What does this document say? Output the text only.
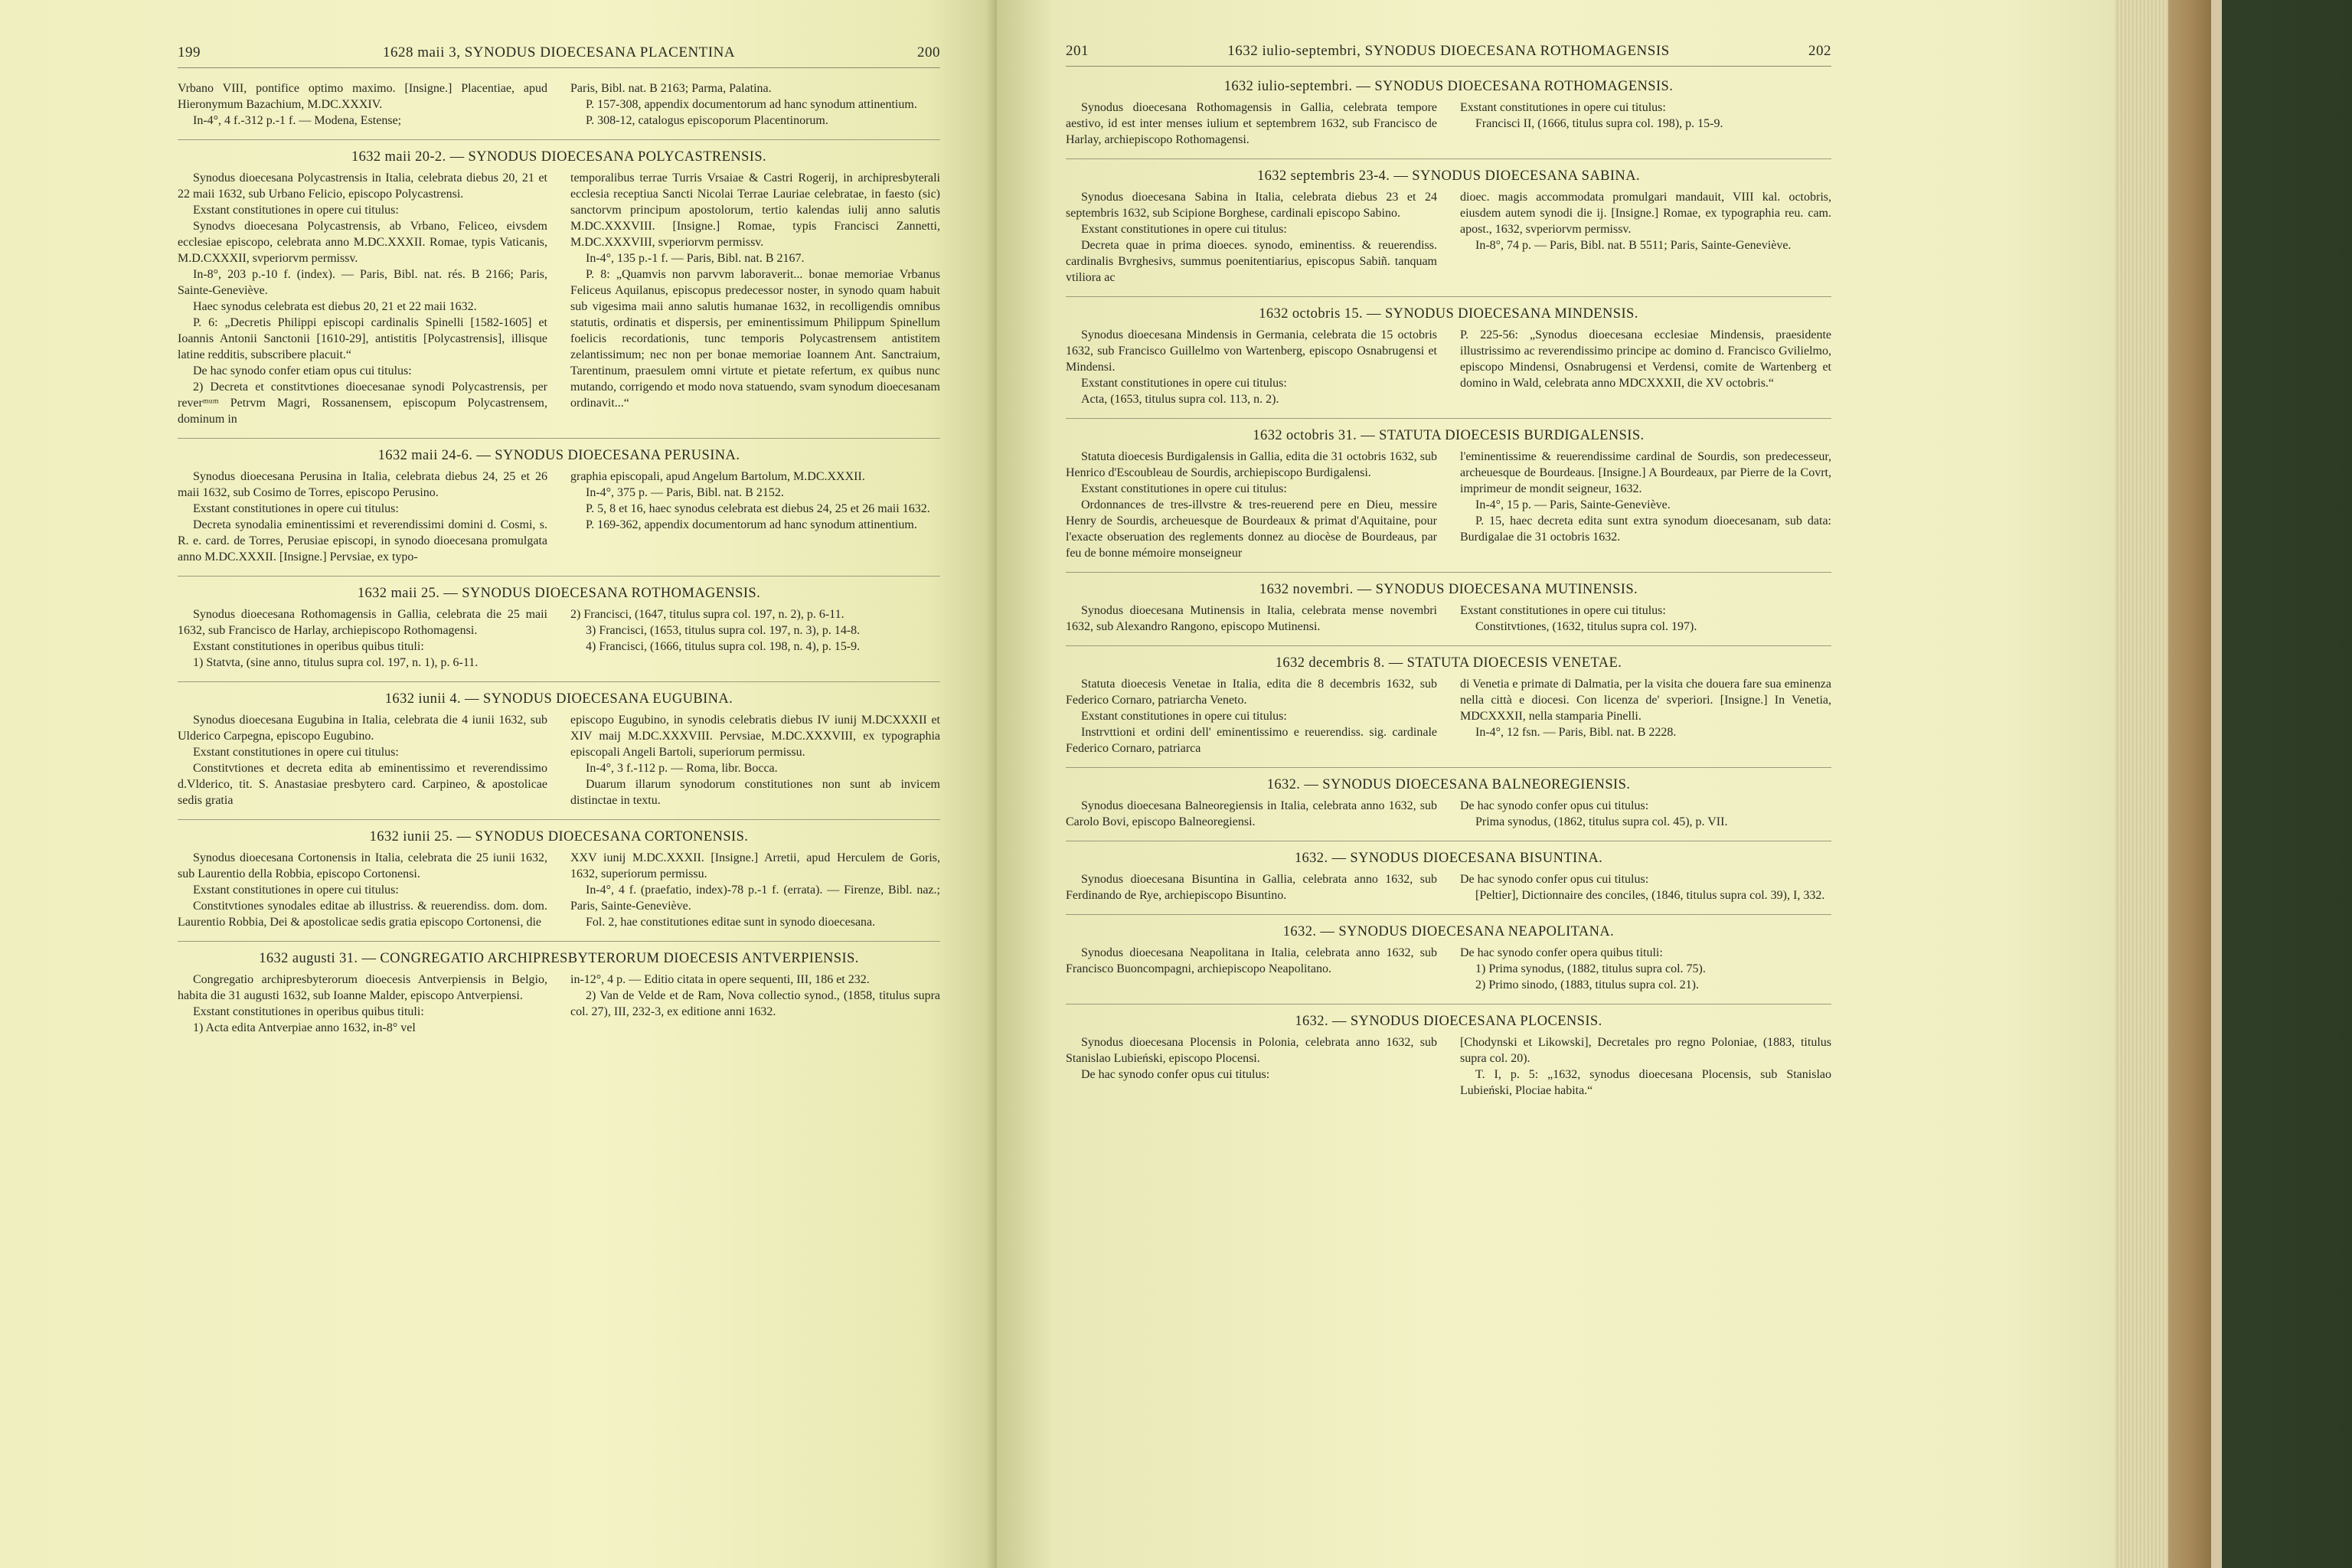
199	1628 maii 3, SYNODUS DIOECESANA PLACENTINA	200

Vrbano VIII, pontifice optimo maximo. [Insigne.] Placentiae, apud Hieronymum Bazachium, M.DC.XXXIV.

In-4°, 4 f.-312 p.-1 f. — Modena, Estense;

Paris, Bibl. nat. B 2163; Parma, Palatina.

P. 157-308, appendix documentorum ad hanc synodum attinentium.

P. 308-12, catalogus episcoporum Placentinorum.

1632 maii 20-2. — SYNODUS DIOECESANA POLYCASTRENSIS.

Synodus dioecesana Polycastrensis in Italia, celebrata diebus 20, 21 et 22 maii 1632, sub Urbano Felicio, episcopo Polycastrensi.

Exstant constitutiones in opere cui titulus:

Synodvs dioecesana Polycastrensis, ab Vrbano, Feliceo, eivsdem ecclesiae episcopo, celebrata anno M.DC.XXXII. Romae, typis Vaticanis, M.D.CXXXII, svperiorvm permissv.

In-8°, 203 p.-10 f. (index). — Paris, Bibl. nat. rés. B 2166; Paris, Sainte-Geneviève.

Haec synodus celebrata est diebus 20, 21 et 22 maii 1632.

P. 6: „Decretis Philippi episcopi cardinalis Spinelli [1582-1605] et Ioannis Antonii Sanctonii [1610-29], antistitis [Polycastrensis], illisque latine redditis, subscribere placuit.“

De hac synodo confer etiam opus cui titulus:

2) Decreta et constitvtiones dioecesanae synodi Polycastrensis, per reverᵐᵘᵐ Petrvm Magri, Rossanensem, episcopum Polycastrensem, dominum in

temporalibus terrae Turris Vrsaiae & Castri Rogerij, in archipresbyterali ecclesia receptiua Sancti Nicolai Terrae Lauriae celebratae, in faesto (sic) sanctorvm principum apostolorum, tertio kalendas iulij anno salutis M.DC.XXXVIII. [Insigne.] Romae, typis Francisci Zannetti, M.DC.XXXVIII, svperiorvm permissv.

In-4°, 135 p.-1 f. — Paris, Bibl. nat. B 2167.

P. 8: „Quamvis non parvvm laboraverit... bonae memoriae Vrbanus Feliceus Aquilanus, episcopus predecessor noster, in synodo quam habuit sub vigesima maii anno salutis humanae 1632, in recolligendis omnibus statutis, ordinatis et dispersis, per eminentissimum Philippum Spinellum foelicis recordationis, tunc temporis Polycastrensem antistitem zelantissimum; nec non per bonae memoriae Ioannem Ant. Sanctraium, Tarentinum, praesulem omni virtute et pietate refertum, ex quibus nunc mutando, corrigendo et modo nova statuendo, svam synodum dioecesanam ordinavit...“

1632 maii 24-6. — SYNODUS DIOECESANA PERUSINA.

Synodus dioecesana Perusina in Italia, celebrata diebus 24, 25 et 26 maii 1632, sub Cosimo de Torres, episcopo Perusino.

Exstant constitutiones in opere cui titulus:

Decreta synodalia eminentissimi et reverendissimi domini d. Cosmi, s. R. e. card. de Torres, Perusiae episcopi, in synodo dioecesana promulgata anno M.DC.XXXII. [Insigne.] Pervsiae, ex typo-

graphia episcopali, apud Angelum Bartolum, M.DC.XXXII.

In-4°, 375 p. — Paris, Bibl. nat. B 2152.

P. 5, 8 et 16, haec synodus celebrata est diebus 24, 25 et 26 maii 1632.

P. 169-362, appendix documentorum ad hanc synodum attinentium.

1632 maii 25. — SYNODUS DIOECESANA ROTHOMAGENSIS.

Synodus dioecesana Rothomagensis in Gallia, celebrata die 25 maii 1632, sub Francisco de Harlay, archiepiscopo Rothomagensi.

Exstant constitutiones in operibus quibus tituli:

1) Statvta, (sine anno, titulus supra col. 197, n. 1), p. 6-11.

2) Francisci, (1647, titulus supra col. 197, n. 2), p. 6-11.

3) Francisci, (1653, titulus supra col. 197, n. 3), p. 14-8.

4) Francisci, (1666, titulus supra col. 198, n. 4), p. 15-9.

1632 iunii 4. — SYNODUS DIOECESANA EUGUBINA.

Synodus dioecesana Eugubina in Italia, celebrata die 4 iunii 1632, sub Ulderico Carpegna, episcopo Eugubino.

Exstant constitutiones in opere cui titulus:

Constitvtiones et decreta edita ab eminentissimo et reverendissimo d.Vlderico, tit. S. Anastasiae presbytero card. Carpineo, & apostolicae sedis gratia

episcopo Eugubino, in synodis celebratis diebus IV iunij M.DCXXXII et XIV maij M.DC.XXXVIII. Pervsiae, M.DC.XXXVIII, ex typographia episcopali Angeli Bartoli, superiorum permissu.

In-4°, 3 f.-112 p. — Roma, libr. Bocca.

Duarum illarum synodorum constitutiones non sunt ab invicem distinctae in textu.

1632 iunii 25. — SYNODUS DIOECESANA CORTONENSIS.

Synodus dioecesana Cortonensis in Italia, celebrata die 25 iunii 1632, sub Laurentio della Robbia, episcopo Cortonensi.

Exstant constitutiones in opere cui titulus:

Constitvtiones synodales editae ab illustriss. & reuerendiss. dom. dom. Laurentio Robbia, Dei & apostolicae sedis gratia episcopo Cortonensi, die

XXV iunij M.DC.XXXII. [Insigne.] Arretii, apud Herculem de Goris, 1632, superiorum permissu.

In-4°, 4 f. (praefatio, index)-78 p.-1 f. (errata). — Firenze, Bibl. naz.; Paris, Sainte-Geneviève.

Fol. 2, hae constitutiones editae sunt in synodo dioecesana.

1632 augusti 31. — CONGREGATIO ARCHIPRESBYTERORUM DIOECESIS ANTVERPIENSIS.

Congregatio archipresbyterorum dioecesis Antverpiensis in Belgio, habita die 31 augusti 1632, sub Ioanne Malder, episcopo Antverpiensi.

Exstant constitutiones in operibus quibus tituli:

1) Acta edita Antverpiae anno 1632, in-8° vel

in-12°, 4 p. — Editio citata in opere sequenti, III, 186 et 232.

2) Van de Velde et de Ram, Nova collectio synod., (1858, titulus supra col. 27), III, 232-3, ex editione anni 1632.

201	1632 iulio-septembri, SYNODUS DIOECESANA ROTHOMAGENSIS	202
1632 iulio-septembri. — SYNODUS DIOECESANA ROTHOMAGENSIS.

Synodus dioecesana Rothomagensis in Gallia, celebrata tempore aestivo, id est inter menses iulium et septembrem 1632, sub Francisco de Harlay, archiepiscopo Rothomagensi.

Exstant constitutiones in opere cui titulus:

Francisci II, (1666, titulus supra col. 198), p. 15-9.

1632 septembris 23-4. — SYNODUS DIOECESANA SABINA.

Synodus dioecesana Sabina in Italia, celebrata diebus 23 et 24 septembris 1632, sub Scipione Borghese, cardinali episcopo Sabino.

Exstant constitutiones in opere cui titulus:

Decreta quae in prima dioeces. synodo, eminentiss. & reuerendiss. cardinalis Bvrghesivs, summus poenitentiarius, episcopus Sabiñ. tanquam vtiliora ac

dioec. magis accommodata promulgari mandauit, VIII kal. octobris, eiusdem autem synodi die ij. [Insigne.] Romae, ex typographia reu. cam. apost., 1632, svperiorvm permissv.

In-8°, 74 p. — Paris, Bibl. nat. B 5511; Paris, Sainte-Geneviève.

1632 octobris 15. — SYNODUS DIOECESANA MINDENSIS.

Synodus dioecesana Mindensis in Germania, celebrata die 15 octobris 1632, sub Francisco Guillelmo von Wartenberg, episcopo Osnabrugensi et Mindensi.

Exstant constitutiones in opere cui titulus:

Acta, (1653, titulus supra col. 113, n. 2).

P. 225-56: „Synodus dioecesana ecclesiae Mindensis, praesidente illustrissimo ac reverendissimo principe ac domino d. Francisco Gvilielmo, episcopo Mindensi, Osnabrugensi et Verdensi, comite de Wartenberg et domino in Wald, celebrata anno MDCXXXII, die XV octobris.“

1632 octobris 31. — STATUTA DIOECESIS BURDIGALENSIS.

Statuta dioecesis Burdigalensis in Gallia, edita die 31 octobris 1632, sub Henrico d'Escoubleau de Sourdis, archiepiscopo Burdigalensi.

Exstant constitutiones in opere cui titulus:

Ordonnances de tres-illvstre & tres-reuerend pere en Dieu, messire Henry de Sourdis, archeuesque de Bourdeaux & primat d'Aquitaine, pour l'exacte obseruation des reglements donnez au diocèse de Bourdeaus, par feu de bonne mémoire monseigneur

l'eminentissime & reuerendissime cardinal de Sourdis, son predecesseur, archeuesque de Bourdeaus. [Insigne.] A Bourdeaux, par Pierre de la Covrt, imprimeur de mondit seigneur, 1632.

In-4°, 15 p. — Paris, Sainte-Geneviève.

P. 15, haec decreta edita sunt extra synodum dioecesanam, sub data: Burdigalae die 31 octobris 1632.

1632 novembri. — SYNODUS DIOECESANA MUTINENSIS.

Synodus dioecesana Mutinensis in Italia, celebrata mense novembri 1632, sub Alexandro Rangono, episcopo Mutinensi.

Exstant constitutiones in opere cui titulus:

Constitvtiones, (1632, titulus supra col. 197).

1632 decembris 8. — STATUTA DIOECESIS VENETAE.

Statuta dioecesis Venetae in Italia, edita die 8 decembris 1632, sub Federico Cornaro, patriarcha Veneto.

Exstant constitutiones in opere cui titulus:

Instrvttioni et ordini dell' eminentissimo e reuerendiss. sig. cardinale Federico Cornaro, patriarca

di Venetia e primate di Dalmatia, per la visita che douera fare sua eminenza nella città e diocesi. Con licenza de' svperiori. [Insigne.] In Venetia, MDCXXXII, nella stamparia Pinelli.

In-4°, 12 fsn. — Paris, Bibl. nat. B 2228.

1632. — SYNODUS DIOECESANA BALNEOREGIENSIS.

Synodus dioecesana Balneoregiensis in Italia, celebrata anno 1632, sub Carolo Bovi, episcopo Balneoregiensi.

De hac synodo confer opus cui titulus:

Prima synodus, (1862, titulus supra col. 45), p. VII.

1632. — SYNODUS DIOECESANA BISUNTINA.

Synodus dioecesana Bisuntina in Gallia, celebrata anno 1632, sub Ferdinando de Rye, archiepiscopo Bisuntino.

De hac synodo confer opus cui titulus:

[Peltier], Dictionnaire des conciles, (1846, titulus supra col. 39), I, 332.

1632. — SYNODUS DIOECESANA NEAPOLITANA.

Synodus dioecesana Neapolitana in Italia, celebrata anno 1632, sub Francisco Buoncompagni, archiepiscopo Neapolitano.

De hac synodo confer opera quibus tituli:

1) Prima synodus, (1882, titulus supra col. 75).

2) Primo sinodo, (1883, titulus supra col. 21).

1632. — SYNODUS DIOECESANA PLOCENSIS.

Synodus dioecesana Plocensis in Polonia, celebrata anno 1632, sub Stanislao Lubieński, episcopo Plocensi.

De hac synodo confer opus cui titulus:

[Chodynski et Likowski], Decretales pro regno Poloniae, (1883, titulus supra col. 20).

T. I, p. 5: „1632, synodus dioecesana Plocensis, sub Stanislao Lubieński, Plociae habita.“
